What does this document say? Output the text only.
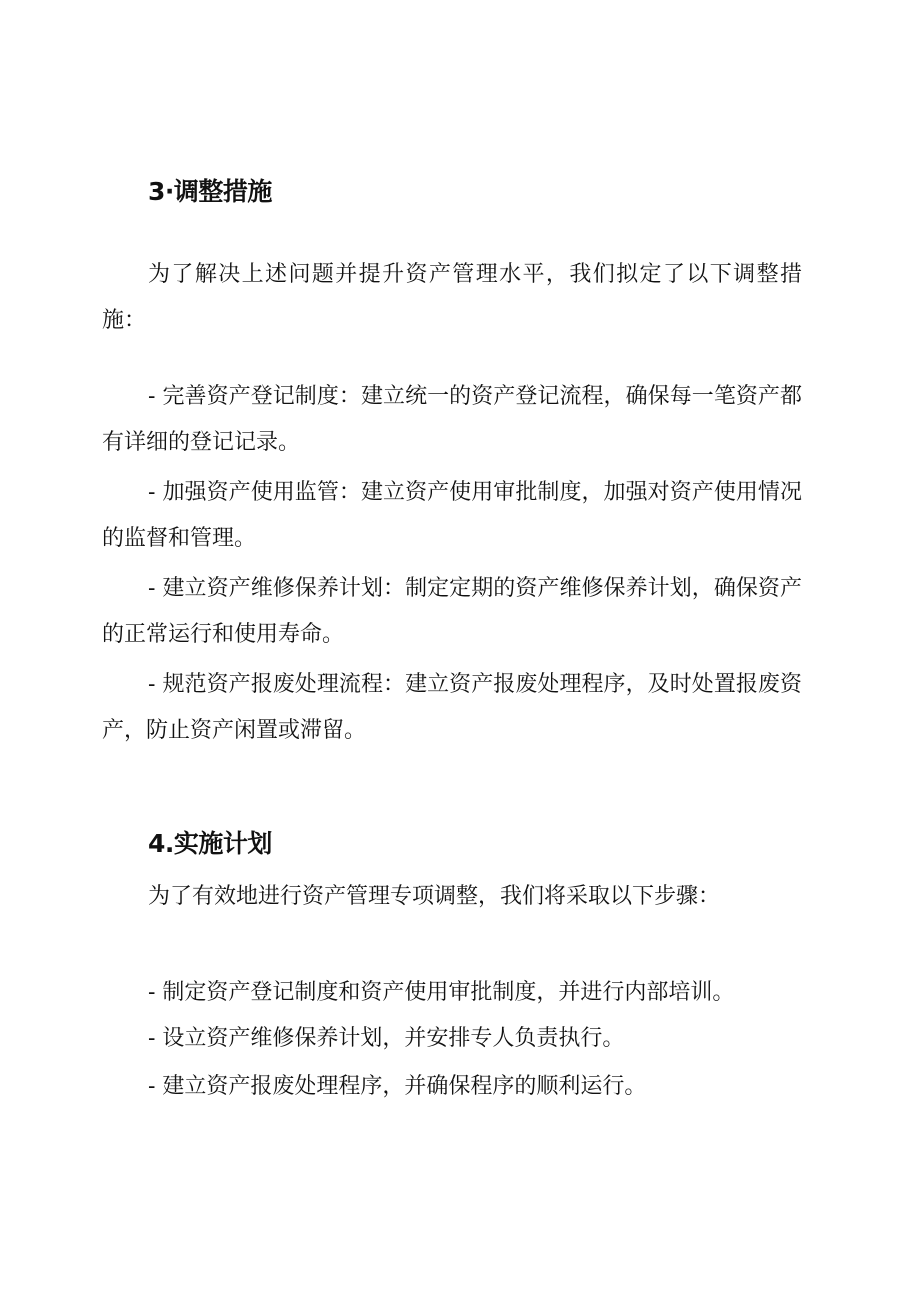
3·调整措施

为了解决上述问题并提升资产管理水平，我们拟定了以下调整措施：

- 完善资产登记制度：建立统一的资产登记流程，确保每一笔资产都有详细的登记记录。

- 加强资产使用监管：建立资产使用审批制度，加强对资产使用情况的监督和管理。

- 建立资产维修保养计划：制定定期的资产维修保养计划，确保资产的正常运行和使用寿命。

- 规范资产报废处理流程：建立资产报废处理程序，及时处置报废资产，防止资产闲置或滞留。

4.实施计划

为了有效地进行资产管理专项调整，我们将采取以下步骤：

- 制定资产登记制度和资产使用审批制度，并进行内部培训。

- 设立资产维修保养计划，并安排专人负责执行。

- 建立资产报废处理程序，并确保程序的顺利运行。
